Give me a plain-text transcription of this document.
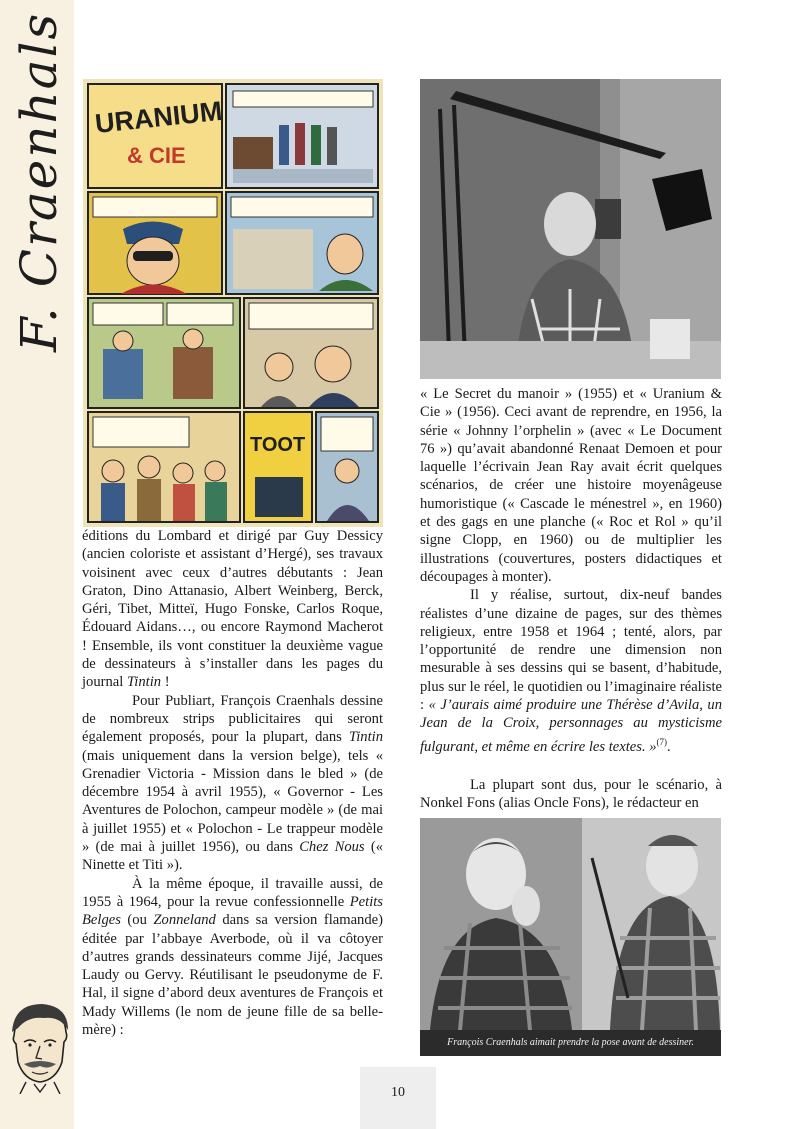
F. Craenhals URANIUM
& CIE
TOOT

éditions du Lombard et dirigé par Guy Dessicy (ancien coloriste et assistant d’Hergé), ses travaux voisinent avec ceux d’autres débutants : Jean Graton, Dino Attanasio, Albert Weinberg, Berck, Géri, Tibet, Mitteï, Hugo Fonske, Carlos Roque, Édouard Aidans…, ou encore Raymond Macherot ! Ensemble, ils vont constituer la deuxième vague de dessinateurs à s’installer dans les pages du journal Tintin !

Pour Publiart, François Craenhals dessine de nombreux strips publicitaires qui seront également proposés, pour la plupart, dans Tintin (mais uniquement dans la version belge), tels « Grenadier Victoria - Mission dans le bled » (de décembre 1954 à avril 1955), « Governor - Les Aventures de Polochon, campeur modèle » (de mai à juillet 1955) et « Polochon - Le trappeur modèle » (de mai à juillet 1956), ou dans Chez Nous (« Ninette et Titi »).

À la même époque, il travaille aussi, de 1955 à 1964, pour la revue confessionnelle Petits Belges (ou Zonneland dans sa version flamande) éditée par l’abbaye Averbode, où il va côtoyer d’autres grands dessinateurs comme Jijé, Jacques Laudy ou Gervy. Réutilisant le pseudonyme de F. Hal, il signe d’abord deux aventures de François et Mady Willems (le nom de jeune fille de sa belle-mère) :

« Le Secret du manoir » (1955) et « Uranium & Cie » (1956). Ceci avant de reprendre, en 1956, la série « Johnny l’orphelin » (avec « Le Document 76 ») qu’avait abandonné Renaat Demoen et pour laquelle l’écrivain Jean Ray avait écrit quelques scénarios, de créer une histoire moyenâgeuse humoristique (« Cascade le ménestrel », en 1960) et des gags en une planche (« Roc et Rol » qu’il signe Clopp, en 1960) ou de multiplier les illustrations (couvertures, posters didactiques et découpages à monter).

Il y réalise, surtout, dix-neuf bandes réalistes d’une dizaine de pages, sur des thèmes religieux, entre 1958 et 1964 ; tenté, alors, par l’opportunité de rendre une dimension non mesurable à ses dessins qui se basent, d’habitude, plus sur le réel, le quotidien ou l’imaginaire réaliste : « J’aurais aimé produire une Thérèse d’Avila, un Jean de la Croix, personnages au mysticisme fulgurant, et même en écrire les textes. »$^{(7)}$.

La plupart sont dus, pour le scénario, à Nonkel Fons (alias Oncle Fons), le rédacteur en

François Craenhals aimait prendre la pose avant de dessiner.
10
